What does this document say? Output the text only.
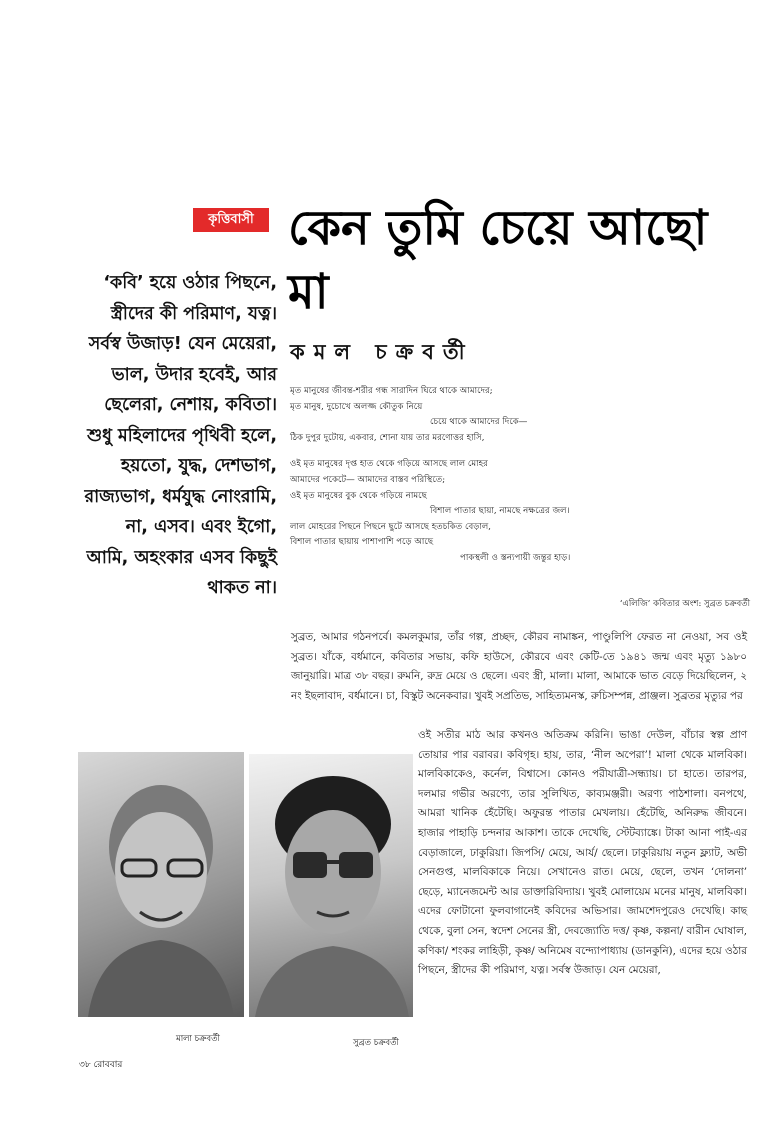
কৃত্তিবাসী কেন তুমি চেয়ে আছো মা
কমল চক্রবর্তী

‘কবি’ হয়ে ওঠার পিছনে, স্ত্রীদের কী পরিমাণ, যত্ন। সর্বস্ব উজাড়! যেন মেয়েরা, ভাল, উদার হবেই, আর ছেলেরা, নেশায়, কবিতা। শুধু মহিলাদের পৃথিবী হলে, হয়তো, যুদ্ধ, দেশভাগ, রাজ্যভাগ, ধর্মযুদ্ধ নোংরামি, না, এসব। এবং ইগো, আমি, অহংকার এসব কিছুই থাকত না।

মৃত মানুষের জীবন্ত-শরীর গন্ধ সারাদিন ঘিরে থাকে আমাদের;
মৃত মানুষ, দুচোখে অলজ্জ কৌতুক নিয়ে
চেয়ে থাকে আমাদের দিকে—
ঠিক দুপুর দুটোয়, একবার, শোনা যায় তার মরণোত্তর হাসি,
ওই মৃত মানুষের দৃপ্ত হাত থেকে গড়িয়ে আসছে লাল মোহর
আমাদের পকেটে— আমাদের বাস্তব পরিস্থিতে;
ওই মৃত মানুষের বুক থেকে গড়িয়ে নামছে
বিশাল পাতার ছায়া, নামছে নক্ষত্রের জল।
লাল মোহরের পিছনে পিছনে ছুটে আসছে হতচকিত বেড়াল,
বিশাল পাতার ছায়ায় পাশাপাশি পড়ে আছে
পাকস্থলী ও স্তন্যপায়ী জন্তুর হাড়।
‘এলিজি’ কবিতার অংশ: সুব্রত চক্রবর্তী

সুব্রত, আমার গঠনপর্বে। কমলকুমার, তাঁর গল্প, প্রচ্ছদ, কৌরব নামাঙ্কন, পাণ্ডুলিপি ফেরত না নেওয়া, সব ওই সুব্রত। যাঁকে, বর্ধমানে, কবিতার সভায়, কফি হাউসে, কৌরবে এবং কেটি-তে ১৯৪১ জন্ম এবং মৃত্যু ১৯৮০ জানুয়ারি। মাত্র ৩৮ বছর। রুমনি, রুদ্র মেয়ে ও ছেলে। এবং স্ত্রী, মালা। মালা, আমাকে ভাত বেড়ে দিয়েছিলেন, ২ নং ইছলাবাদ, বর্ধমানে। চা, বিস্কুট অনেকবার। খুবই সপ্রতিভ, সাহিত্যমনস্ক, রুচিসম্পন্ন, প্রাঞ্জল। সুব্রতর মৃত্যুর পর

ওই সতীর মাঠ আর কখনও অতিক্রম করিনি। ভাঙা দেউল, বাঁচার স্বল্প প্রাণ তোয়ার পার বরাবর। কবিগৃহ। হায়, তার, ‘নীল অপেরা’! মালা থেকে মালবিকা। মালবিকাকেও, কর্নেল, বিশ্বাসে। কোনও পরীযাত্রী-সন্ধ্যায়। চা হাতে। তারপর, দলমার গভীর অরণ্যে, তার সুলিখিত, কাব্যমঞ্জরী। অরণ্য পাঠশালা। বনপথে, আমরা খানিক হেঁটেছি। অফুরন্ত পাতার মেখলায়। হেঁটেছি, অনিরুদ্ধ জীবনে। হাজার পাহাড়ি চন্দনার আকাশ। তাকে দেখেছি, স্টেটব্যাঙ্কে। টাকা আনা পাই-এর বেড়াজালে, ঢাকুরিয়া। জিপসি/ মেয়ে, আর্য/ ছেলে। ঢাকুরিয়ায় নতুন ফ্ল্যাট, অভী সেনগুপ্ত, মালবিকাকে নিয়ে। সেখানেও রাত। মেয়ে, ছেলে, তখন ‘দোলনা’ ছেড়ে, ম্যানেজমেন্ট আর ডাক্তারিবিদ্যায়। খুবই মোলায়েম মনের মানুষ, মালবিকা। এদের ফোটানো ফুলবাগানেই কবিদের অভিসার। জামশেদপুরেও দেখেছি। কাছ থেকে, বুলা সেন, স্বদেশ সেনের স্ত্রী, দেবজ্যোতি দত্ত/ কৃষ্ণ, কল্পনা/ বারীন ঘোষাল, কণিকা/ শংকর লাহিড়ী, কৃষ্ণ/ অনিমেষ বন্দ্যোপাধ্যায় (ডানকুনি), এদের হয়ে ওঠার পিছনে, স্ত্রীদের কী পরিমাণ, যত্ন। সর্বস্ব উজাড়। যেন মেয়েরা,

মালা চক্রবর্তী	সুব্রত চক্রবর্তী
৩৮ রোববার
